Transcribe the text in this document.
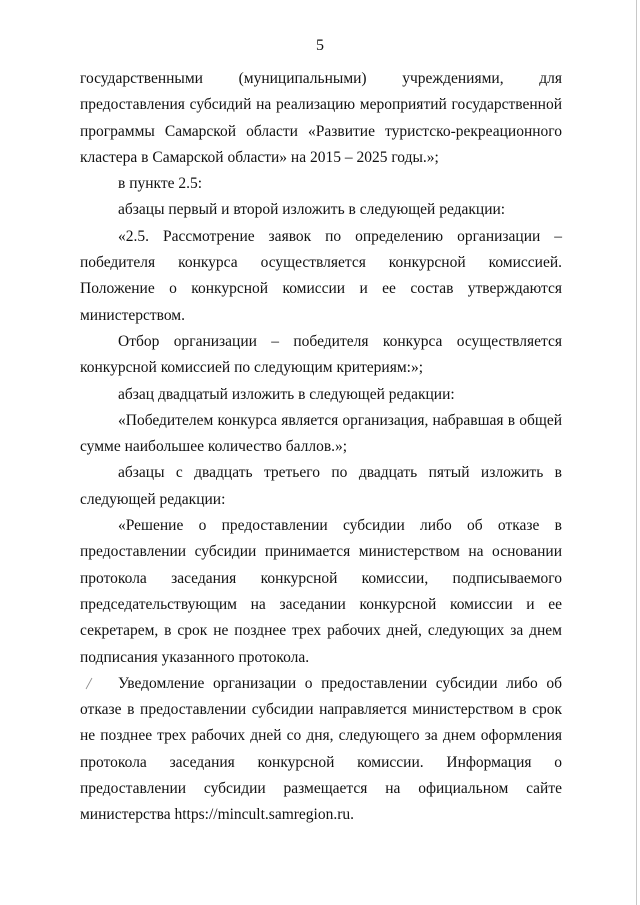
5

государственными (муниципальными) учреждениями, для предоставления субсидий на реализацию мероприятий государственной программы Самарской области «Развитие туристско-рекреационного кластера в Самарской области» на 2015 – 2025 годы.»;

в пункте 2.5:

абзацы первый и второй изложить в следующей редакции:

«2.5. Рассмотрение заявок по определению организации – победителя конкурса осуществляется конкурсной комиссией. Положение о конкурсной комиссии и ее состав утверждаются министерством.

Отбор организации – победителя конкурса осуществляется конкурсной комиссией по следующим критериям:»;

абзац двадцатый изложить в следующей редакции:

«Победителем конкурса является организация, набравшая в общей сумме наибольшее количество баллов.»;

абзацы с двадцать третьего по двадцать пятый изложить в следующей редакции:

«Решение о предоставлении субсидии либо об отказе в предоставлении субсидии принимается министерством на основании протокола заседания конкурсной комиссии, подписываемого председательствующим на заседании конкурсной комиссии и ее секретарем, в срок не позднее трех рабочих дней, следующих за днем подписания указанного протокола.

Уведомление организации о предоставлении субсидии либо об отказе в предоставлении субсидии направляется министерством в срок не позднее трех рабочих дней со дня, следующего за днем оформления протокола заседания конкурсной комиссии. Информация о предоставлении субсидии размещается на официальном сайте министерства https://mincult.samregion.ru.
